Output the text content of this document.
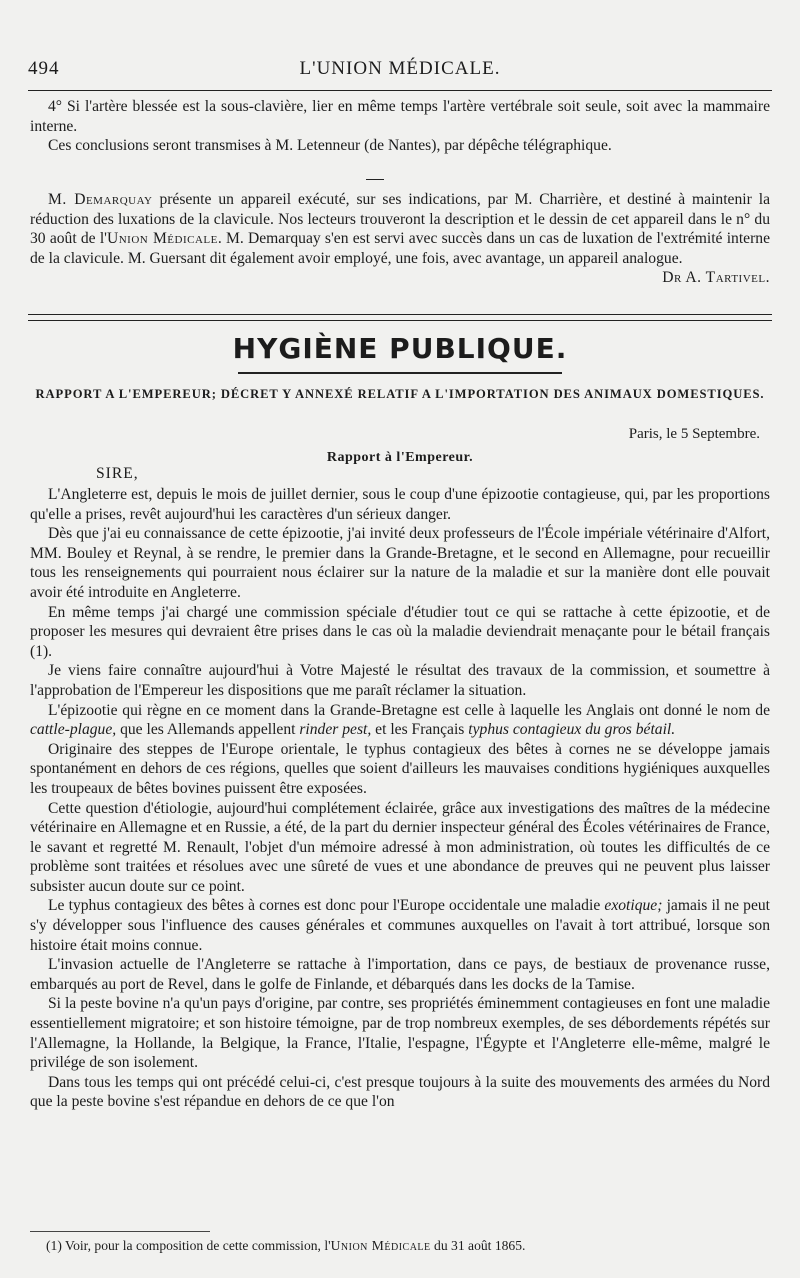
494	L'UNION MÉDICALE.

4° Si l'artère blessée est la sous-clavière, lier en même temps l'artère vertébrale soit seule, soit avec la mammaire interne.

Ces conclusions seront transmises à M. Letenneur (de Nantes), par dépêche télégraphique.

M. Demarquay présente un appareil exécuté, sur ses indications, par M. Charrière, et destiné à maintenir la réduction des luxations de la clavicule. Nos lecteurs trouveront la description et le dessin de cet appareil dans le n° du 30 août de l'Union Médicale. M. Demarquay s'en est servi avec succès dans un cas de luxation de l'extrémité interne de la clavicule. M. Guersant dit également avoir employé, une fois, avec avantage, un appareil analogue.

Dr A. Tartivel.

HYGIÈNE PUBLIQUE.
RAPPORT A L'EMPEREUR; DÉCRET Y ANNEXÉ RELATIF A L'IMPORTATION DES ANIMAUX DOMESTIQUES.
Paris, le 5 Septembre.
Rapport à l'Empereur.
SIRE,

L'Angleterre est, depuis le mois de juillet dernier, sous le coup d'une épizootie contagieuse, qui, par les proportions qu'elle a prises, revêt aujourd'hui les caractères d'un sérieux danger.

Dès que j'ai eu connaissance de cette épizootie, j'ai invité deux professeurs de l'École impériale vétérinaire d'Alfort, MM. Bouley et Reynal, à se rendre, le premier dans la Grande-Bretagne, et le second en Allemagne, pour recueillir tous les renseignements qui pourraient nous éclairer sur la nature de la maladie et sur la manière dont elle pouvait avoir été introduite en Angleterre.

En même temps j'ai chargé une commission spéciale d'étudier tout ce qui se rattache à cette épizootie, et de proposer les mesures qui devraient être prises dans le cas où la maladie deviendrait menaçante pour le bétail français (1).

Je viens faire connaître aujourd'hui à Votre Majesté le résultat des travaux de la commission, et soumettre à l'approbation de l'Empereur les dispositions que me paraît réclamer la situation.

L'épizootie qui règne en ce moment dans la Grande-Bretagne est celle à laquelle les Anglais ont donné le nom de cattle-plague, que les Allemands appellent rinder pest, et les Français typhus contagieux du gros bétail.

Originaire des steppes de l'Europe orientale, le typhus contagieux des bêtes à cornes ne se développe jamais spontanément en dehors de ces régions, quelles que soient d'ailleurs les mauvaises conditions hygiéniques auxquelles les troupeaux de bêtes bovines puissent être exposées.

Cette question d'étiologie, aujourd'hui complétement éclairée, grâce aux investigations des maîtres de la médecine vétérinaire en Allemagne et en Russie, a été, de la part du dernier inspecteur général des Écoles vétérinaires de France, le savant et regretté M. Renault, l'objet d'un mémoire adressé à mon administration, où toutes les difficultés de ce problème sont traitées et résolues avec une sûreté de vues et une abondance de preuves qui ne peuvent plus laisser subsister aucun doute sur ce point.

Le typhus contagieux des bêtes à cornes est donc pour l'Europe occidentale une maladie exotique; jamais il ne peut s'y développer sous l'influence des causes générales et communes auxquelles on l'avait à tort attribué, lorsque son histoire était moins connue.

L'invasion actuelle de l'Angleterre se rattache à l'importation, dans ce pays, de bestiaux de provenance russe, embarqués au port de Revel, dans le golfe de Finlande, et débarqués dans les docks de la Tamise.

Si la peste bovine n'a qu'un pays d'origine, par contre, ses propriétés éminemment contagieuses en font une maladie essentiellement migratoire; et son histoire témoigne, par de trop nombreux exemples, de ses débordements répétés sur l'Allemagne, la Hollande, la Belgique, la France, l'Italie, l'espagne, l'Égypte et l'Angleterre elle-même, malgré le privilége de son isolement.

Dans tous les temps qui ont précédé celui-ci, c'est presque toujours à la suite des mouvements des armées du Nord que la peste bovine s'est répandue en dehors de ce que l'on

(1) Voir, pour la composition de cette commission, l'Union Médicale du 31 août 1865.
